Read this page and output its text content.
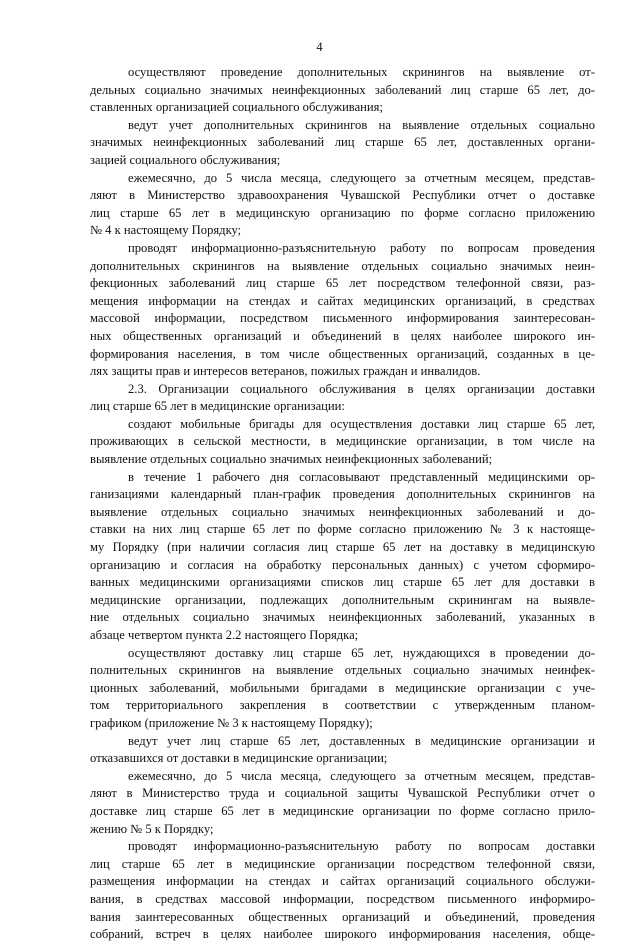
4
осуществляют проведение дополнительных скринингов на выявление от-
дельных социально значимых неинфекционных заболеваний лиц старше 65 лет, до-
ставленных организацией социального обслуживания;
ведут учет дополнительных скринингов на выявление отдельных социально
значимых неинфекционных заболеваний лиц старше 65 лет, доставленных органи-
зацией социального обслуживания;
ежемесячно, до 5 числа месяца, следующего за отчетным месяцем, представ-
ляют в Министерство здравоохранения Чувашской Республики отчет о доставке
лиц старше 65 лет в медицинскую организацию по форме согласно приложению
№ 4 к настоящему Порядку;
проводят информационно-разъяснительную работу по вопросам проведения
дополнительных скринингов на выявление отдельных социально значимых неин-
фекционных заболеваний лиц старше 65 лет посредством телефонной связи, раз-
мещения информации на стендах и сайтах медицинских организаций, в средствах
массовой информации, посредством письменного информирования заинтересован-
ных общественных организаций и объединений в целях наиболее широкого ин-
формирования населения, в том числе общественных организаций, созданных в це-
лях защиты прав и интересов ветеранов, пожилых граждан и инвалидов.
2.3. Организации социального обслуживания в целях организации доставки
лиц старше 65 лет в медицинские организации:
создают мобильные бригады для осуществления доставки лиц старше 65 лет,
проживающих в сельской местности, в медицинские организации, в том числе на
выявление отдельных социально значимых неинфекционных заболеваний;
в течение 1 рабочего дня согласовывают представленный медицинскими ор-
ганизациями календарный план-график проведения дополнительных скринингов на
выявление отдельных социально значимых неинфекционных заболеваний и до-
ставки на них лиц старше 65 лет по форме согласно приложению № 3 к настояще-
му Порядку (при наличии согласия лиц старше 65 лет на доставку в медицинскую
организацию и согласия на обработку персональных данных) с учетом сформиро-
ванных медицинскими организациями списков лиц старше 65 лет для доставки в
медицинские организации, подлежащих дополнительным скринингам на выявле-
ние отдельных социально значимых неинфекционных заболеваний, указанных в
абзаце четвертом пункта 2.2 настоящего Порядка;
осуществляют доставку лиц старше 65 лет, нуждающихся в проведении до-
полнительных скринингов на выявление отдельных социально значимых неинфек-
ционных заболеваний, мобильными бригадами в медицинские организации с уче-
том территориального закрепления в соответствии с утвержденным планом-
графиком (приложение № 3 к настоящему Порядку);
ведут учет лиц старше 65 лет, доставленных в медицинские организации и
отказавшихся от доставки в медицинские организации;
ежемесячно, до 5 числа месяца, следующего за отчетным месяцем, представ-
ляют в Министерство труда и социальной защиты Чувашской Республики отчет о
доставке лиц старше 65 лет в медицинские организации по форме согласно прило-
жению № 5 к Порядку;
проводят информационно-разъяснительную работу по вопросам доставки
лиц старше 65 лет в медицинские организации посредством телефонной связи,
размещения информации на стендах и сайтах организаций социального обслужи-
вания, в средствах массовой информации, посредством письменного информиро-
вания заинтересованных общественных организаций и объединений, проведения
собраний, встреч в целях наиболее широкого информирования населения, обще-
